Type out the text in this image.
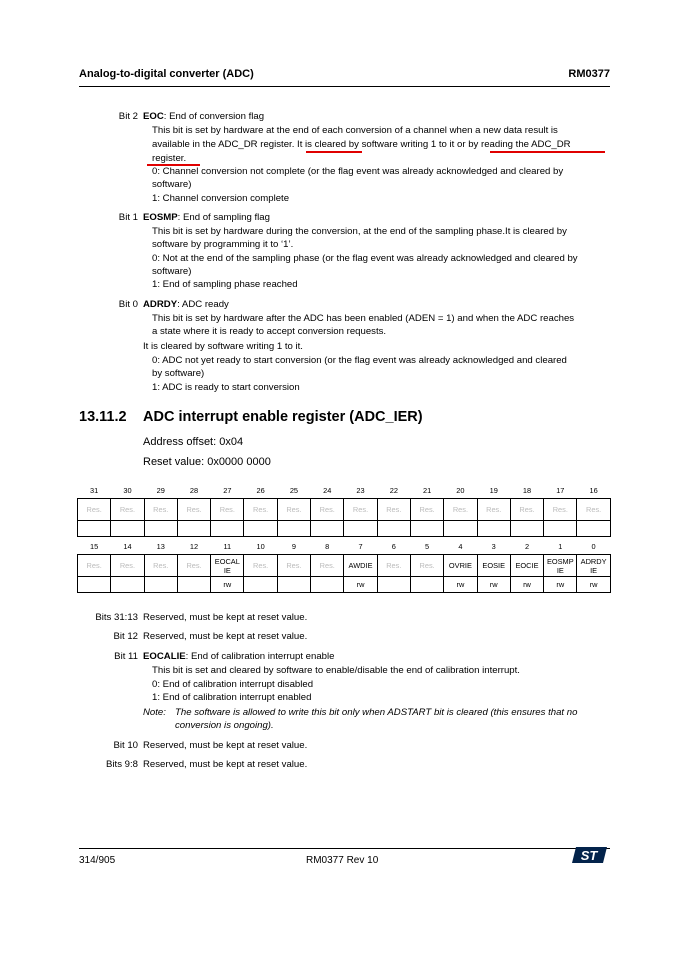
Analog-to-digital converter (ADC)	RM0377
Bit 2 EOC: End of conversion flag
This bit is set by hardware at the end of each conversion of a channel when a new data result is
available in the ADC_DR register. It is cleared by software writing 1 to it or by reading the ADC_DR
register.
0: Channel conversion not complete (or the flag event was already acknowledged and cleared by
software)
1: Channel conversion complete
Bit 1 EOSMP: End of sampling flag
This bit is set by hardware during the conversion, at the end of the sampling phase.It is cleared by
software by programming it to ‘1’.
0: Not at the end of the sampling phase (or the flag event was already acknowledged and cleared by
software)
1: End of sampling phase reached
Bit 0 ADRDY: ADC ready
This bit is set by hardware after the ADC has been enabled (ADEN = 1) and when the ADC reaches
a state where it is ready to accept conversion requests.
It is cleared by software writing 1 to it.
0: ADC not yet ready to start conversion (or the flag event was already acknowledged and cleared
by software)
1: ADC is ready to start conversion
13.11.2 ADC interrupt enable register (ADC_IER)
Address offset: 0x04
Reset value: 0x0000 0000
31	30	29	28	27	26	25	24	23	22	21	20	19	18	17	16
Res.	Res.	Res.	Res.	Res.	Res.	Res.	Res.	Res.	Res.	Res.	Res.	Res.	Res.	Res.	Res.

15	14	13	12	11	10	9	8	7	6	5	4	3	2	1	0
Res.	Res.	Res.	Res.	EOCAL IE	Res.	Res.	Res.	AWDIE	Res.	Res.	OVRIE	EOSIE	EOCIE	EOSMP IE	ADRDY IE
				rw				rw			rw	rw	rw	rw	rw
Bits 31:13 Reserved, must be kept at reset value.
Bit 12 Reserved, must be kept at reset value.
Bit 11 EOCALIE: End of calibration interrupt enable
This bit is set and cleared by software to enable/disable the end of calibration interrupt.
0: End of calibration interrupt disabled
1: End of calibration interrupt enabled
Note: The software is allowed to write this bit only when ADSTART bit is cleared (this ensures that no
conversion is ongoing).
Bit 10 Reserved, must be kept at reset value.
Bits 9:8 Reserved, must be kept at reset value.
314/905	RM0377 Rev 10	ST
